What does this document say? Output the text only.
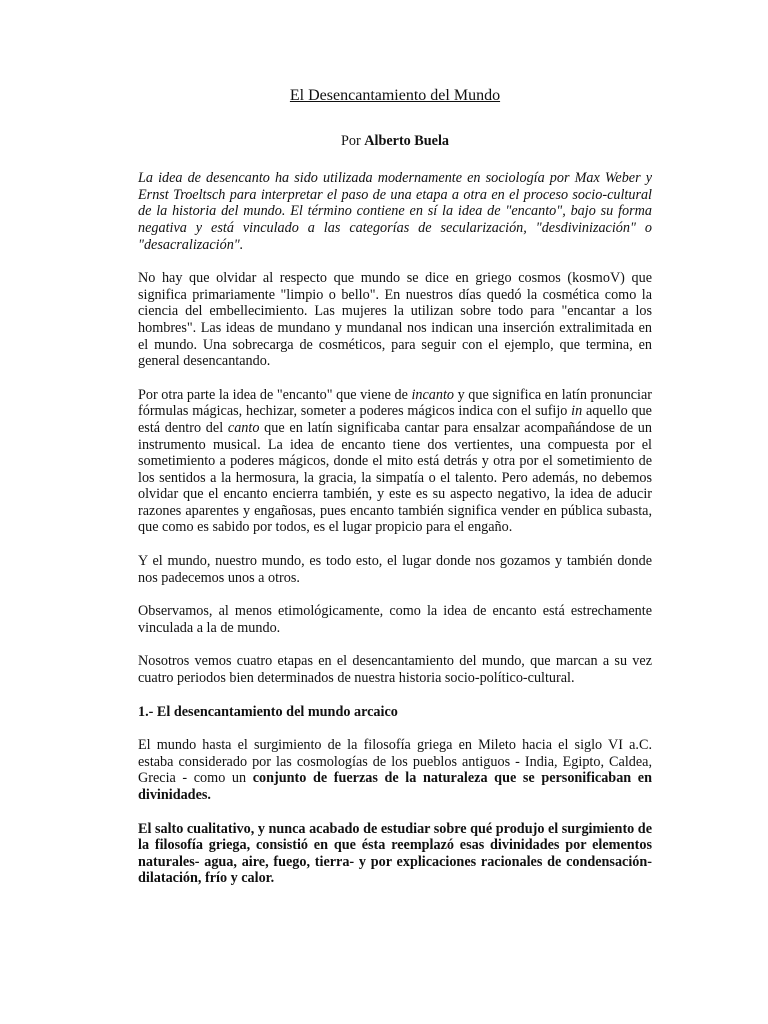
El Desencantamiento del Mundo
Por Alberto Buela

La idea de desencanto ha sido utilizada modernamente en sociología por Max Weber y Ernst Troeltsch para interpretar el paso de una etapa a otra en el proceso socio-cultural de la historia del mundo. El término contiene en sí la idea de "encanto", bajo su forma negativa y está vinculado a las categorías de secularización, "desdivinización" o "desacralización".

No hay que olvidar al respecto que mundo se dice en griego cosmos (kosmoV) que significa primariamente "limpio o bello". En nuestros días quedó la cosmética como la ciencia del embellecimiento. Las mujeres la utilizan sobre todo para "encantar a los hombres". Las ideas de mundano y mundanal nos indican una inserción extralimitada en el mundo. Una sobrecarga de cosméticos, para seguir con el ejemplo, que termina, en general desencantando.

Por otra parte la idea de "encanto" que viene de incanto y que significa en latín pronunciar fórmulas mágicas, hechizar, someter a poderes mágicos indica con el sufijo in aquello que está dentro del canto que en latín significaba cantar para ensalzar acompañándose de un instrumento musical. La idea de encanto tiene dos vertientes, una compuesta por el sometimiento a poderes mágicos, donde el mito está detrás y otra por el sometimiento de los sentidos a la hermosura, la gracia, la simpatía o el talento. Pero además, no debemos olvidar que el encanto encierra también, y este es su aspecto negativo, la idea de aducir razones aparentes y engañosas, pues encanto también significa vender en pública subasta, que como es sabido por todos, es el lugar propicio para el engaño.

Y el mundo, nuestro mundo, es todo esto, el lugar donde nos gozamos y también donde nos padecemos unos a otros.

Observamos, al menos etimológicamente, como la idea de encanto está estrechamente vinculada a la de mundo.

Nosotros vemos cuatro etapas en el desencantamiento del mundo, que marcan a su vez cuatro periodos bien determinados de nuestra historia socio-político-cultural.

1.- El desencantamiento del mundo arcaico

El mundo hasta el surgimiento de la filosofía griega en Mileto hacia el siglo VI a.C. estaba considerado por las cosmologías de los pueblos antiguos - India, Egipto, Caldea, Grecia - como un conjunto de fuerzas de la naturaleza que se personificaban en divinidades.

El salto cualitativo, y nunca acabado de estudiar sobre qué produjo el surgimiento de la filosofía griega, consistió en que ésta reemplazó esas divinidades por elementos naturales- agua, aire, fuego, tierra- y por explicaciones racionales de condensación-dilatación, frío y calor.
